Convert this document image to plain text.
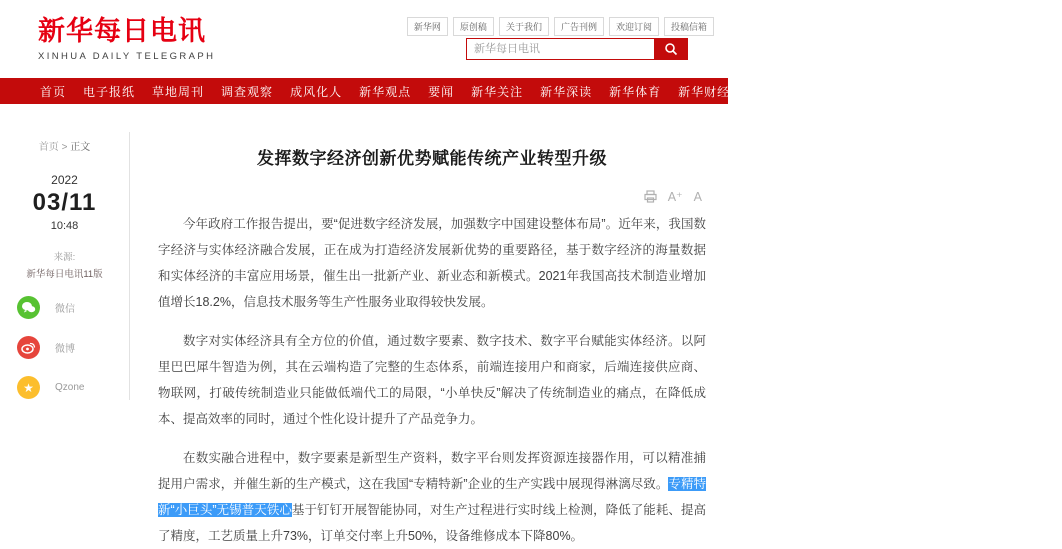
新华每日电讯
XINHUA DAILY TELEGRAPH
新华网	原创稿	关于我们	广告刊例	欢迎订阅	投稿信箱
新华每日电讯
首页 电子报纸 草地周刊 调查观察 成风化人 新华观点 要闻 新华关注 新华深读 新华体育 新华财经 新华国际 新华融媒 精彩专题 医卫健康 看天下
首页 > 正文
2022
03/11
10:48
来源:
新华每日电讯11版
微信
微博
★ Qzone
发挥数字经济创新优势赋能传统产业转型升级
A⁺ A

今年政府工作报告提出，要“促进数字经济发展，加强数字中国建设整体布局”。近年来，我国数字经济与实体经济融合发展，正在成为打造经济发展新优势的重要路径，基于数字经济的海量数据和实体经济的丰富应用场景，催生出一批新产业、新业态和新模式。2021年我国高技术制造业增加值增长18.2%，信息技术服务等生产性服务业取得较快发展。

数字对实体经济具有全方位的价值，通过数字要素、数字技术、数字平台赋能实体经济。以阿里巴巴犀牛智造为例，其在云端构造了完整的生态体系，前端连接用户和商家，后端连接供应商、物联网，打破传统制造业只能做低端代工的局限，“小单快反”解决了传统制造业的痛点，在降低成本、提高效率的同时，通过个性化设计提升了产品竞争力。

在数实融合进程中，数字要素是新型生产资料，数字平台则发挥资源连接器作用，可以精准捕捉用户需求，并催生新的生产模式，这在我国“专精特新”企业的生产实践中展现得淋漓尽致。专精特新“小巨头”无锡普天铁心基于钉钉开展智能协同，对生产过程进行实时线上检测，降低了能耗、提高了精度，工艺质量上升73%，订单交付率上升50%，设备维修成本下降80%。
